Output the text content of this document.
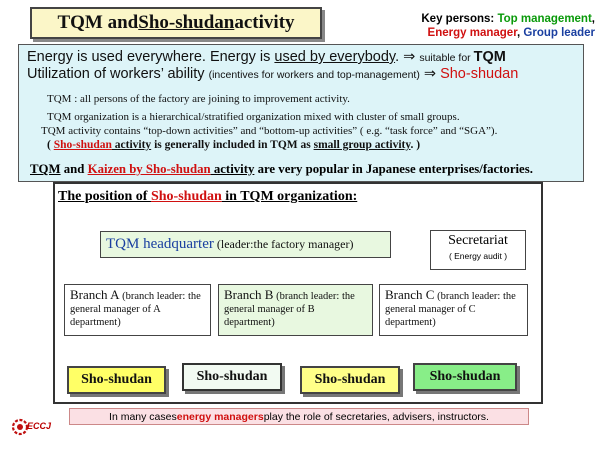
TQM and Sho-shudan activity	Key persons: Top management,
Energy manager, Group leader
Energy is used everywhere. Energy is used by everybody. ⇒ suitable for TQM
Utilization of workers’ ability (incentives for workers and top-management) ⇒ Sho-shudan
TQM : all persons of the factory are joining to improvement activity.
TQM organization is a hierarchical/stratified organization mixed with cluster of small groups.
TQM activity contains “top-down activities” and “bottom-up activities” ( e.g. “task force” and “SGA”).
( Sho-shudan activity is generally included in TQM as small group activity. )
TQM and Kaizen by Sho-shudan activity are very popular in Japanese enterprises/factories.
The position of Sho-shudan in TQM organization:
TQM headquarter (leader:the factory manager)	Secretariat
( Energy audit )
Branch A (branch leader: the general manager of A department)
Branch B (branch leader: the general manager of B department)
Branch C (branch leader: the general manager of C department)
Sho-shudan	Sho-shudan	Sho-shudan	Sho-shudan
In many cases energy managers play the role of secretaries, advisers, instructors.
ECCJ
